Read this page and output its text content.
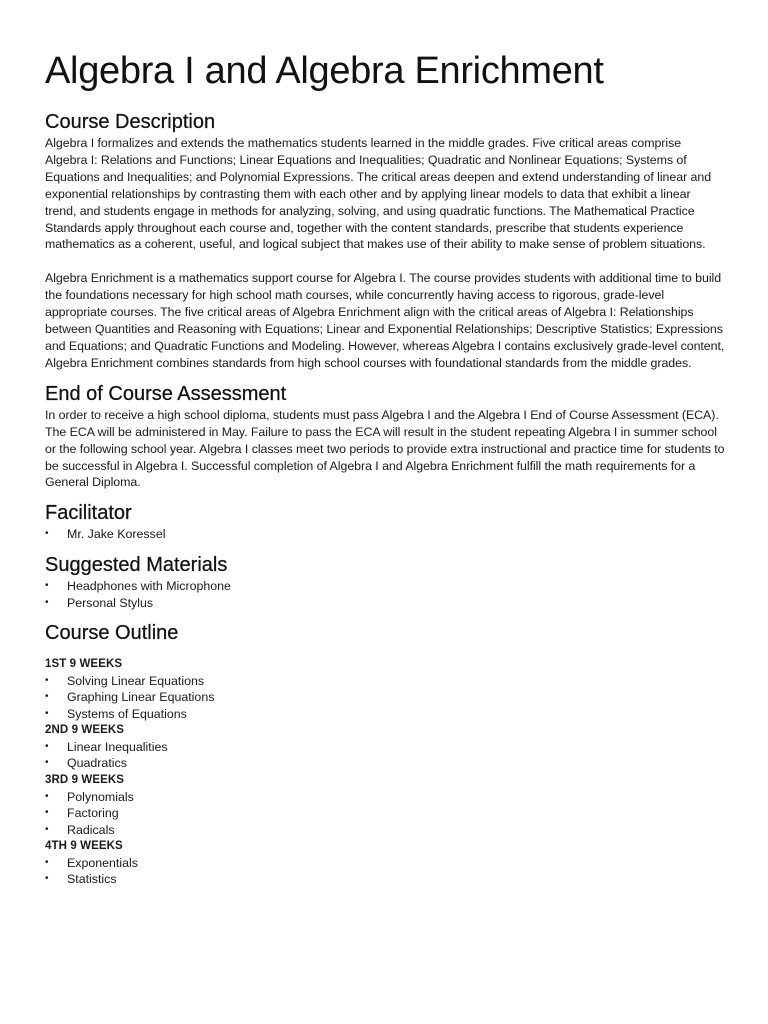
Algebra I and Algebra Enrichment
Course Description

Algebra I formalizes and extends the mathematics students learned in the middle grades. Five critical areas comprise Algebra I: Relations and Functions; Linear Equations and Inequalities; Quadratic and Nonlinear Equations; Systems of Equations and Inequalities; and Polynomial Expressions. The critical areas deepen and extend understanding of linear and exponential relationships by contrasting them with each other and by applying linear models to data that exhibit a linear trend, and students engage in methods for analyzing, solving, and using quadratic functions. The Mathematical Practice Standards apply throughout each course and, together with the content standards, prescribe that students experience mathematics as a coherent, useful, and logical subject that makes use of their ability to make sense of problem situations.

Algebra Enrichment is a mathematics support course for Algebra I. The course provides students with additional time to build the foundations necessary for high school math courses, while concurrently having access to rigorous, grade-level appropriate courses. The five critical areas of Algebra Enrichment align with the critical areas of Algebra I: Relationships between Quantities and Reasoning with Equations; Linear and Exponential Relationships; Descriptive Statistics; Expressions and Equations; and Quadratic Functions and Modeling. However, whereas Algebra I contains exclusively grade-level content, Algebra Enrichment combines standards from high school courses with foundational standards from the middle grades.

End of Course Assessment

In order to receive a high school diploma, students must pass Algebra I and the Algebra I End of Course Assessment (ECA). The ECA will be administered in May. Failure to pass the ECA will result in the student repeating Algebra I in summer school or the following school year. Algebra I classes meet two periods to provide extra instructional and practice time for students to be successful in Algebra I. Successful completion of Algebra I and Algebra Enrichment fulfill the math requirements for a General Diploma.

Facilitator
•	Mr. Jake Koressel
Suggested Materials
•	Headphones with Microphone
•	Personal Stylus
Course Outline

1ST 9 WEEKS

•	Solving Linear Equations
•	Graphing Linear Equations
•	Systems of Equations

2ND 9 WEEKS

•	Linear Inequalities
•	Quadratics

3RD 9 WEEKS

•	Polynomials
•	Factoring
•	Radicals

4TH 9 WEEKS

•	Exponentials
•	Statistics
